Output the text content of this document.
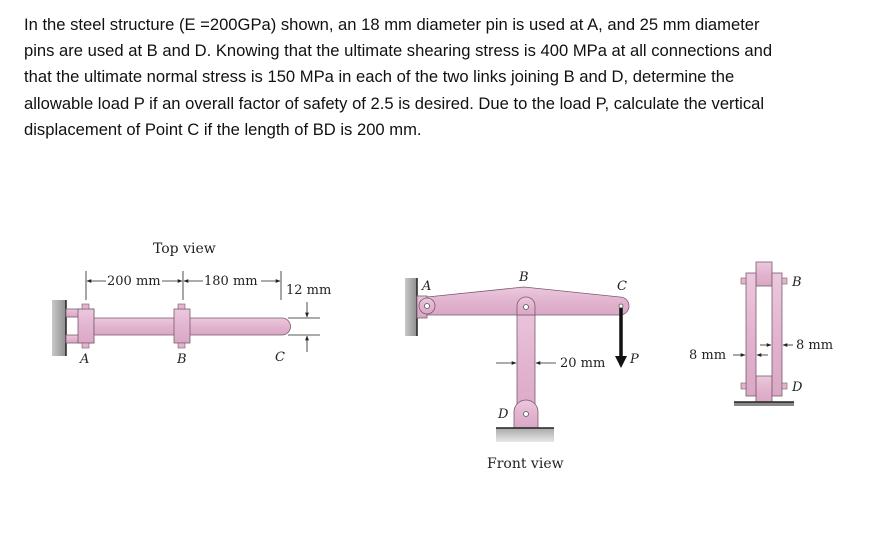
In the steel structure (E =200GPa) shown, an 18 mm diameter pin is used at A, and 25 mm diameter

pins are used at B and D. Knowing that the ultimate shearing stress is 400 MPa at all connections and

that the ultimate normal stress is 150 MPa in each of the two links joining B and D, determine the

allowable load P if an overall factor of safety of 2.5 is desired. Due to the load P, calculate the vertical

displacement of Point C if the length of BD is 200 mm.

Top view
200 mm	180 mm
12 mm
A	B	C	20 mm
A
B
C
D
P
Front view
8 mm
8 mm
B
D
